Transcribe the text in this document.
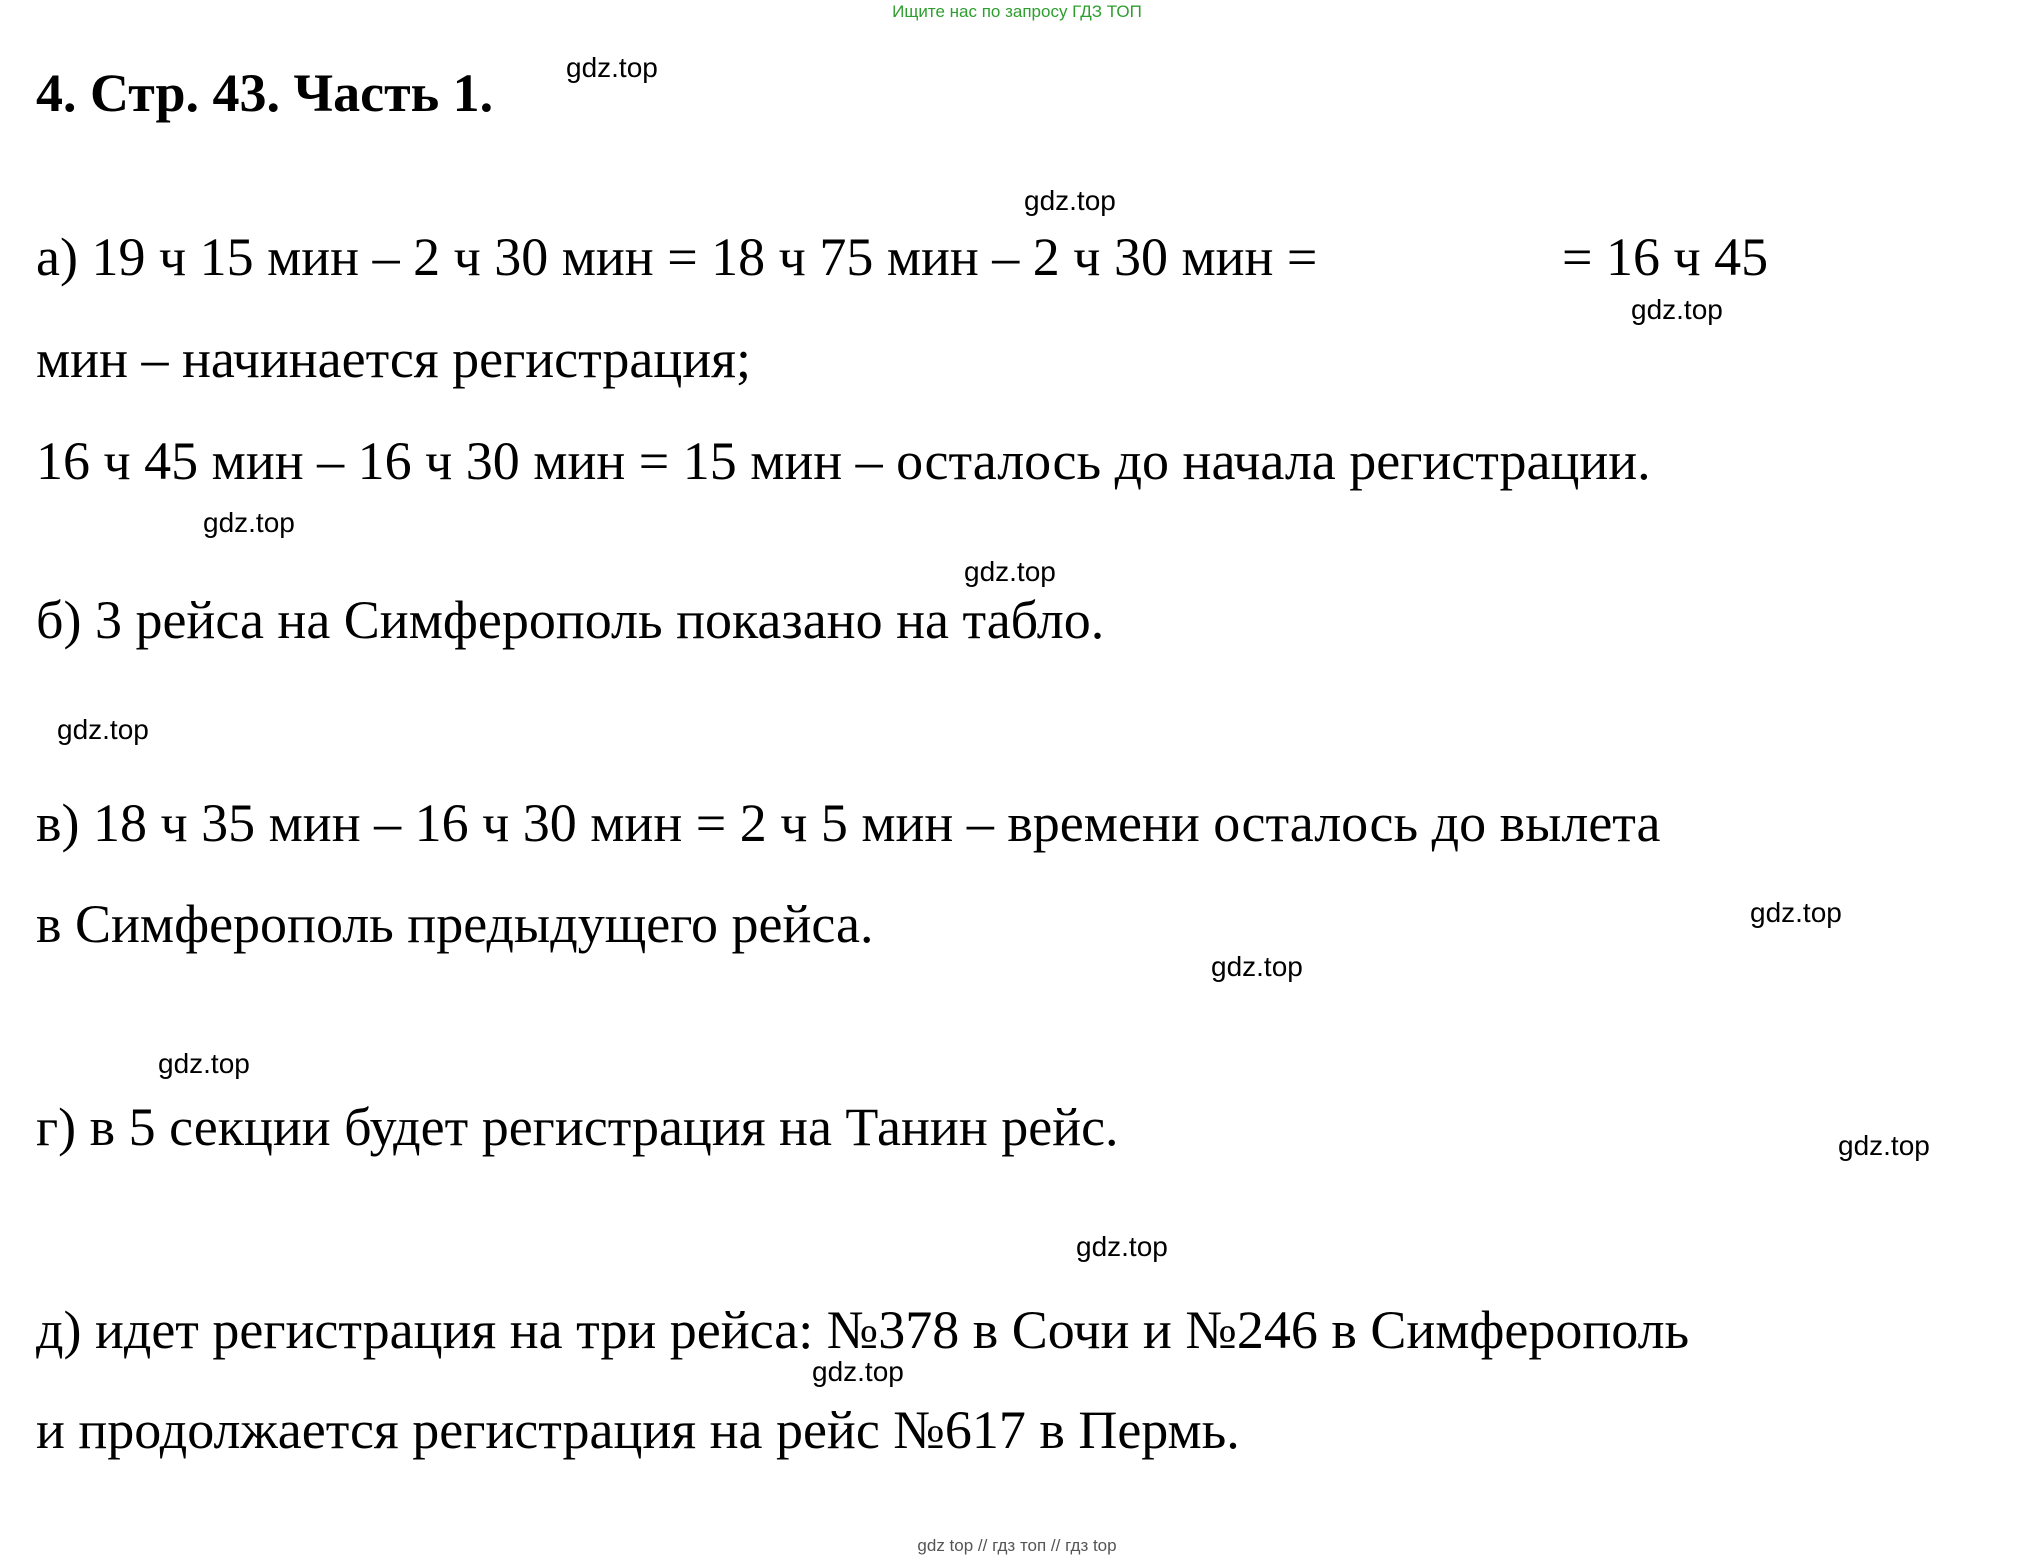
Ищите нас по запросу ГДЗ ТОП
4. Стр. 43. Часть 1.
а) 19 ч 15 мин – 2 ч 30 мин = 18 ч 75 мин – 2 ч 30 мин =	= 16 ч 45
мин – начинается регистрация;
16 ч 45 мин – 16 ч 30 мин = 15 мин – осталось до начала регистрации.
б) 3 рейса на Симферополь показано на табло.
в) 18 ч 35 мин – 16 ч 30 мин = 2 ч 5 мин – времени осталось до вылета
в Симферополь предыдущего рейса.
г) в 5 секции будет регистрация на Танин рейс.
д) идет регистрация на три рейса: №378 в Сочи и №246 в Симферополь
и продолжается регистрация на рейс №617 в Пермь.
gdz.top
gdz.top
gdz.top
gdz.top
gdz.top
gdz.top
gdz.top
gdz.top
gdz.top
gdz.top
gdz.top
gdz.top
gdz top // гдз топ // гдз top
